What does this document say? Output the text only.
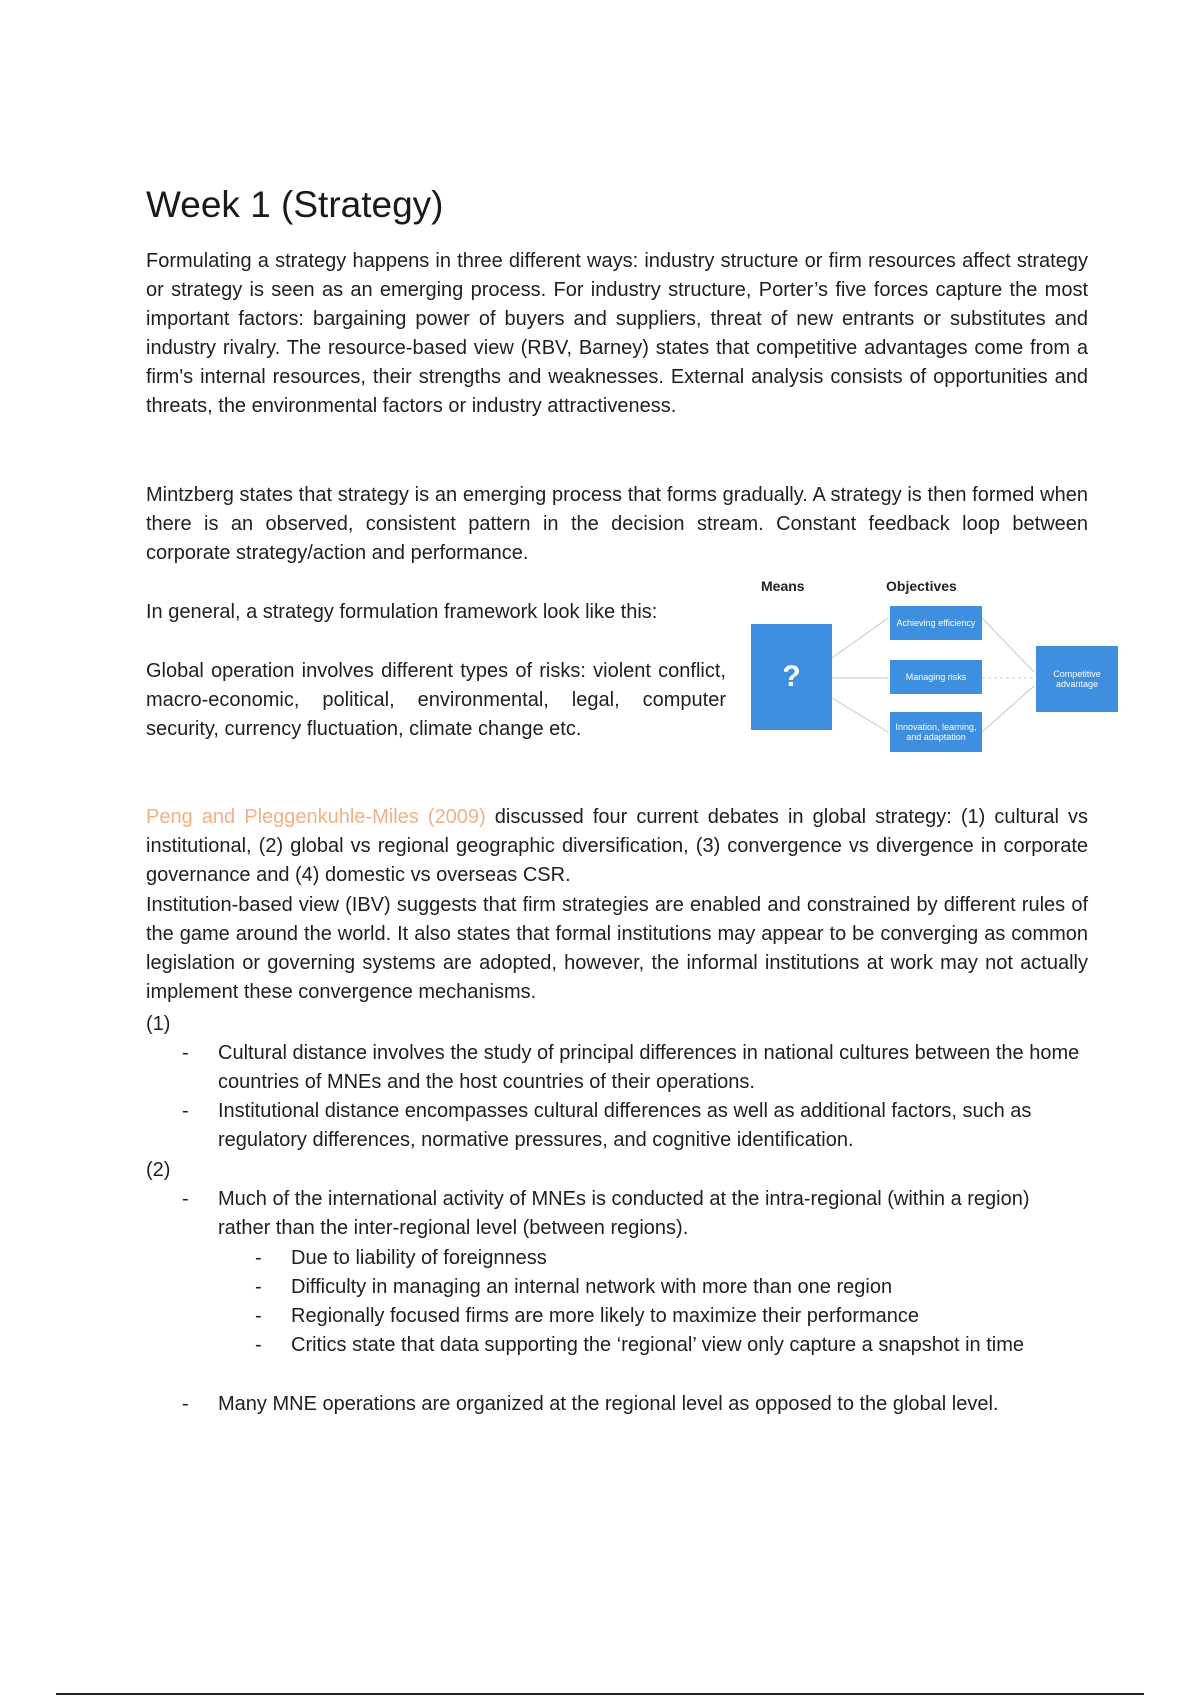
Week 1 (Strategy)

Formulating a strategy happens in three different ways: industry structure or firm resources affect strategy or strategy is seen as an emerging process. For industry structure, Porter’s five forces capture the most important factors: bargaining power of buyers and suppliers, threat of new entrants or substitutes and industry rivalry. The resource-based view (RBV, Barney) states that competitive advantages come from a firm's internal resources, their strengths and weaknesses. External analysis consists of opportunities and threats, the environmental factors or industry attractiveness.

Mintzberg states that strategy is an emerging process that forms gradually. A strategy is then formed when there is an observed, consistent pattern in the decision stream. Constant feedback loop between corporate strategy/action and performance.

In general, a strategy formulation framework look like this:

Global operation involves different types of risks: violent conflict, macro-economic, political, environmental, legal, computer security, currency fluctuation, climate change etc.

Means	Objectives
?
Achieving efficiency
Managing risks
Innovation, learning, and adaptation
Competitive advantage

Peng and Pleggenkuhle-Miles (2009) discussed four current debates in global strategy: (1) cultural vs institutional, (2) global vs regional geographic diversification, (3) convergence vs divergence in corporate governance and (4) domestic vs overseas CSR.

Institution-based view (IBV) suggests that firm strategies are enabled and constrained by different rules of the game around the world. It also states that formal institutions may appear to be converging as common legislation or governing systems are adopted, however, the informal institutions at work may not actually implement these convergence mechanisms.

(1)
- Cultural distance involves the study of principal differences in national cultures between the home countries of MNEs and the host countries of their operations.
- Institutional distance encompasses cultural differences as well as additional factors, such as regulatory differences, normative pressures, and cognitive identification.
(2)
- Much of the international activity of MNEs is conducted at the intra-regional (within a region) rather than the inter-regional level (between regions).
- Due to liability of foreignness
- Difficulty in managing an internal network with more than one region
- Regionally focused firms are more likely to maximize their performance
- Critics state that data supporting the ‘regional’ view only capture a snapshot in time
- Many MNE operations are organized at the regional level as opposed to the global level.
